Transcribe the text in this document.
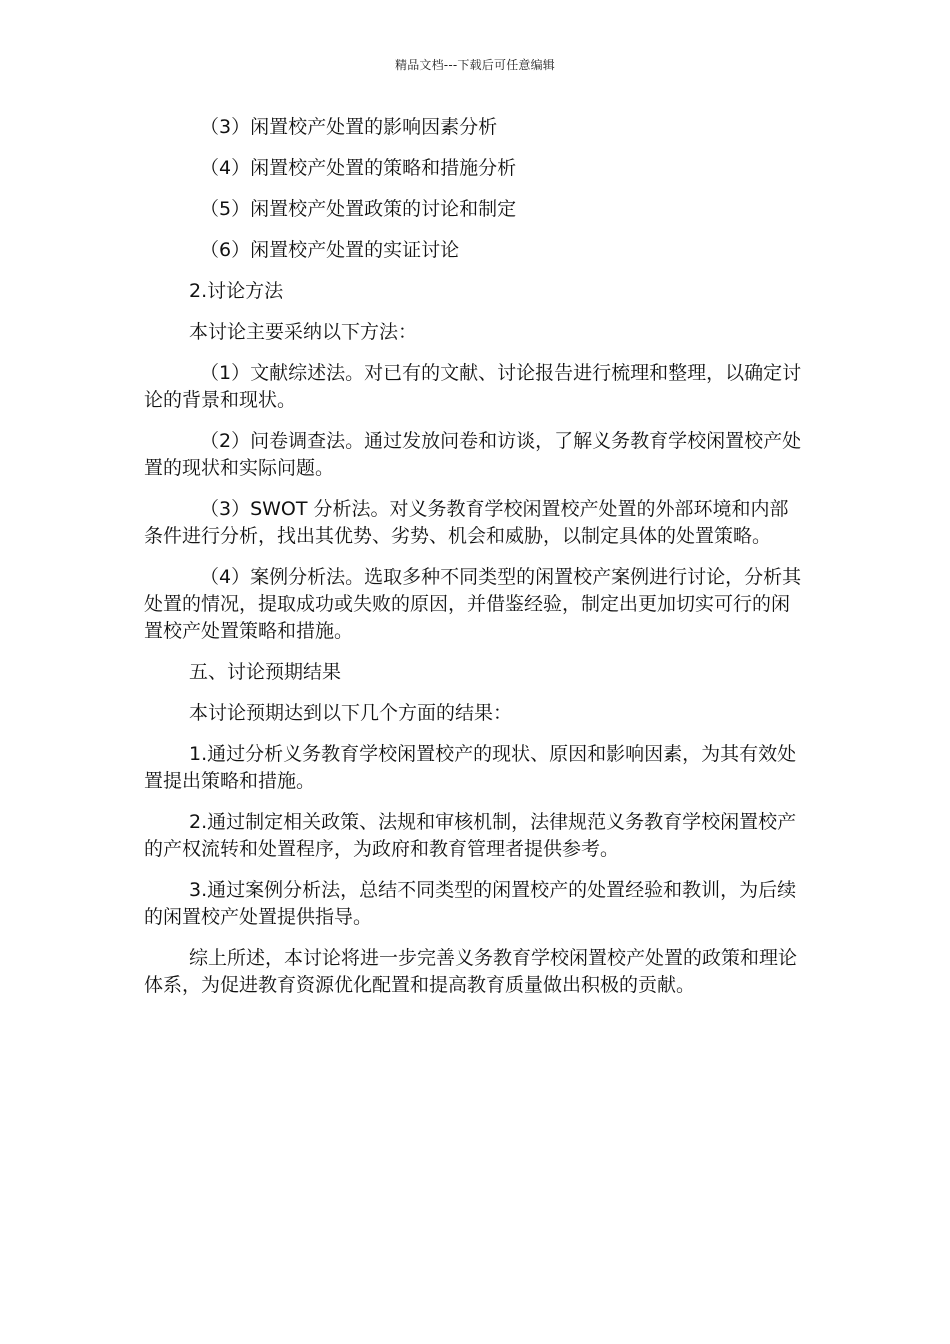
精品文档---下载后可任意编辑

（3）闲置校产处置的影响因素分析

（4）闲置校产处置的策略和措施分析

（5）闲置校产处置政策的讨论和制定

（6）闲置校产处置的实证讨论

2.讨论方法

本讨论主要采纳以下方法：

（1）文献综述法。对已有的文献、讨论报告进行梳理和整理，以确定讨论的背景和现状。

（2）问卷调查法。通过发放问卷和访谈，了解义务教育学校闲置校产处置的现状和实际问题。

（3）SWOT 分析法。对义务教育学校闲置校产处置的外部环境和内部条件进行分析，找出其优势、劣势、机会和威胁，以制定具体的处置策略。

（4）案例分析法。选取多种不同类型的闲置校产案例进行讨论，分析其处置的情况，提取成功或失败的原因，并借鉴经验，制定出更加切实可行的闲置校产处置策略和措施。

五、讨论预期结果

本讨论预期达到以下几个方面的结果：

1.通过分析义务教育学校闲置校产的现状、原因和影响因素，为其有效处置提出策略和措施。

2.通过制定相关政策、法规和审核机制，法律规范义务教育学校闲置校产的产权流转和处置程序，为政府和教育管理者提供参考。

3.通过案例分析法，总结不同类型的闲置校产的处置经验和教训，为后续的闲置校产处置提供指导。

综上所述，本讨论将进一步完善义务教育学校闲置校产处置的政策和理论体系，为促进教育资源优化配置和提高教育质量做出积极的贡献。
